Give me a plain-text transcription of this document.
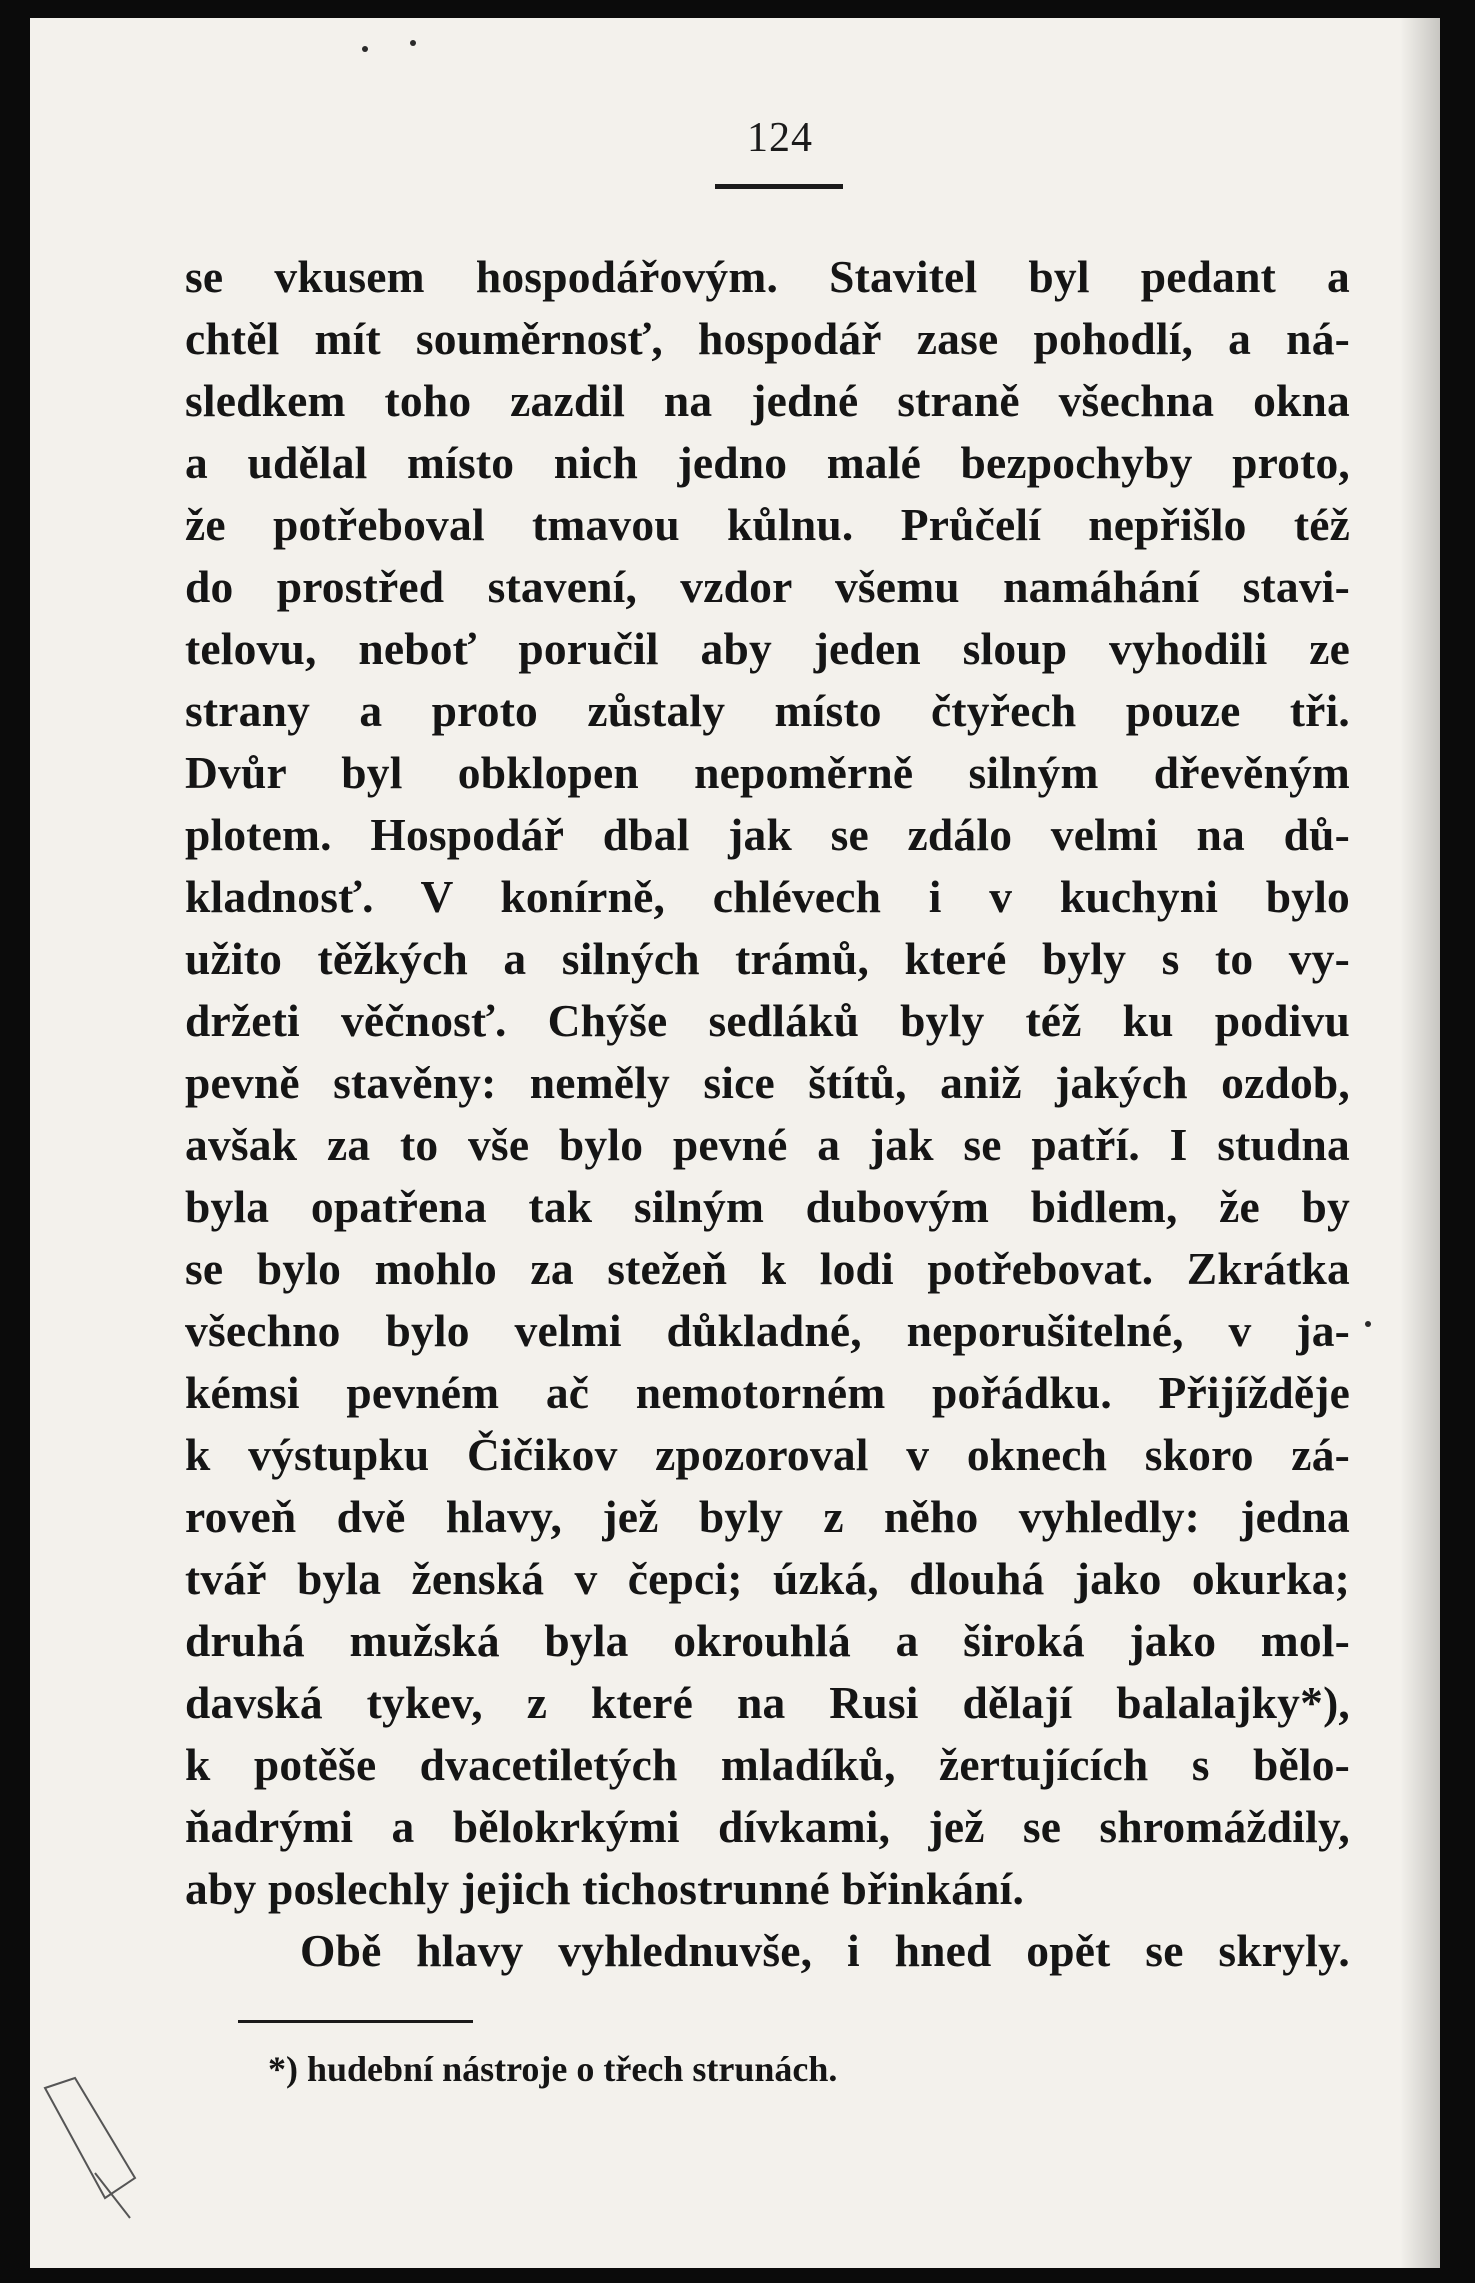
124
se vkusem hospodářovým. Stavitel byl pedant a
chtěl mít souměrnosť, hospodář zase pohodlí, a ná-
sledkem toho zazdil na jedné straně všechna okna
a udělal místo nich jedno malé bezpochyby proto,
že potřeboval tmavou kůlnu. Průčelí nepřišlo též
do prostřed stavení, vzdor všemu namáhání stavi-
telovu, neboť poručil aby jeden sloup vyhodili ze
strany a proto zůstaly místo čtyřech pouze tři.
Dvůr byl obklopen nepoměrně silným dřevěným
plotem. Hospodář dbal jak se zdálo velmi na dů-
kladnosť. V konírně, chlévech i v kuchyni bylo
užito těžkých a silných trámů, které byly s to vy-
držeti věčnosť. Chýše sedláků byly též ku podivu
pevně stavěny: neměly sice štítů, aniž jakých ozdob,
avšak za to vše bylo pevné a jak se patří. I studna
byla opatřena tak silným dubovým bidlem, že by
se bylo mohlo za stežeň k lodi potřebovat. Zkrátka
všechno bylo velmi důkladné, neporušitelné, v ja-
kémsi pevném ač nemotorném pořádku. Přijížděje
k výstupku Čičikov zpozoroval v oknech skoro zá-
roveň dvě hlavy, jež byly z něho vyhledly: jedna
tvář byla ženská v čepci; úzká, dlouhá jako okurka;
druhá mužská byla okrouhlá a široká jako mol-
davská tykev, z které na Rusi dělají balalajky*),
k potěše dvacetiletých mladíků, žertujících s bělo-
ňadrými a bělokrkými dívkami, jež se shromáždily,
aby poslechly jejich tichostrunné břinkání.
Obě hlavy vyhlednuvše, i hned opět se skryly.
*) hudební nástroje o třech strunách.
